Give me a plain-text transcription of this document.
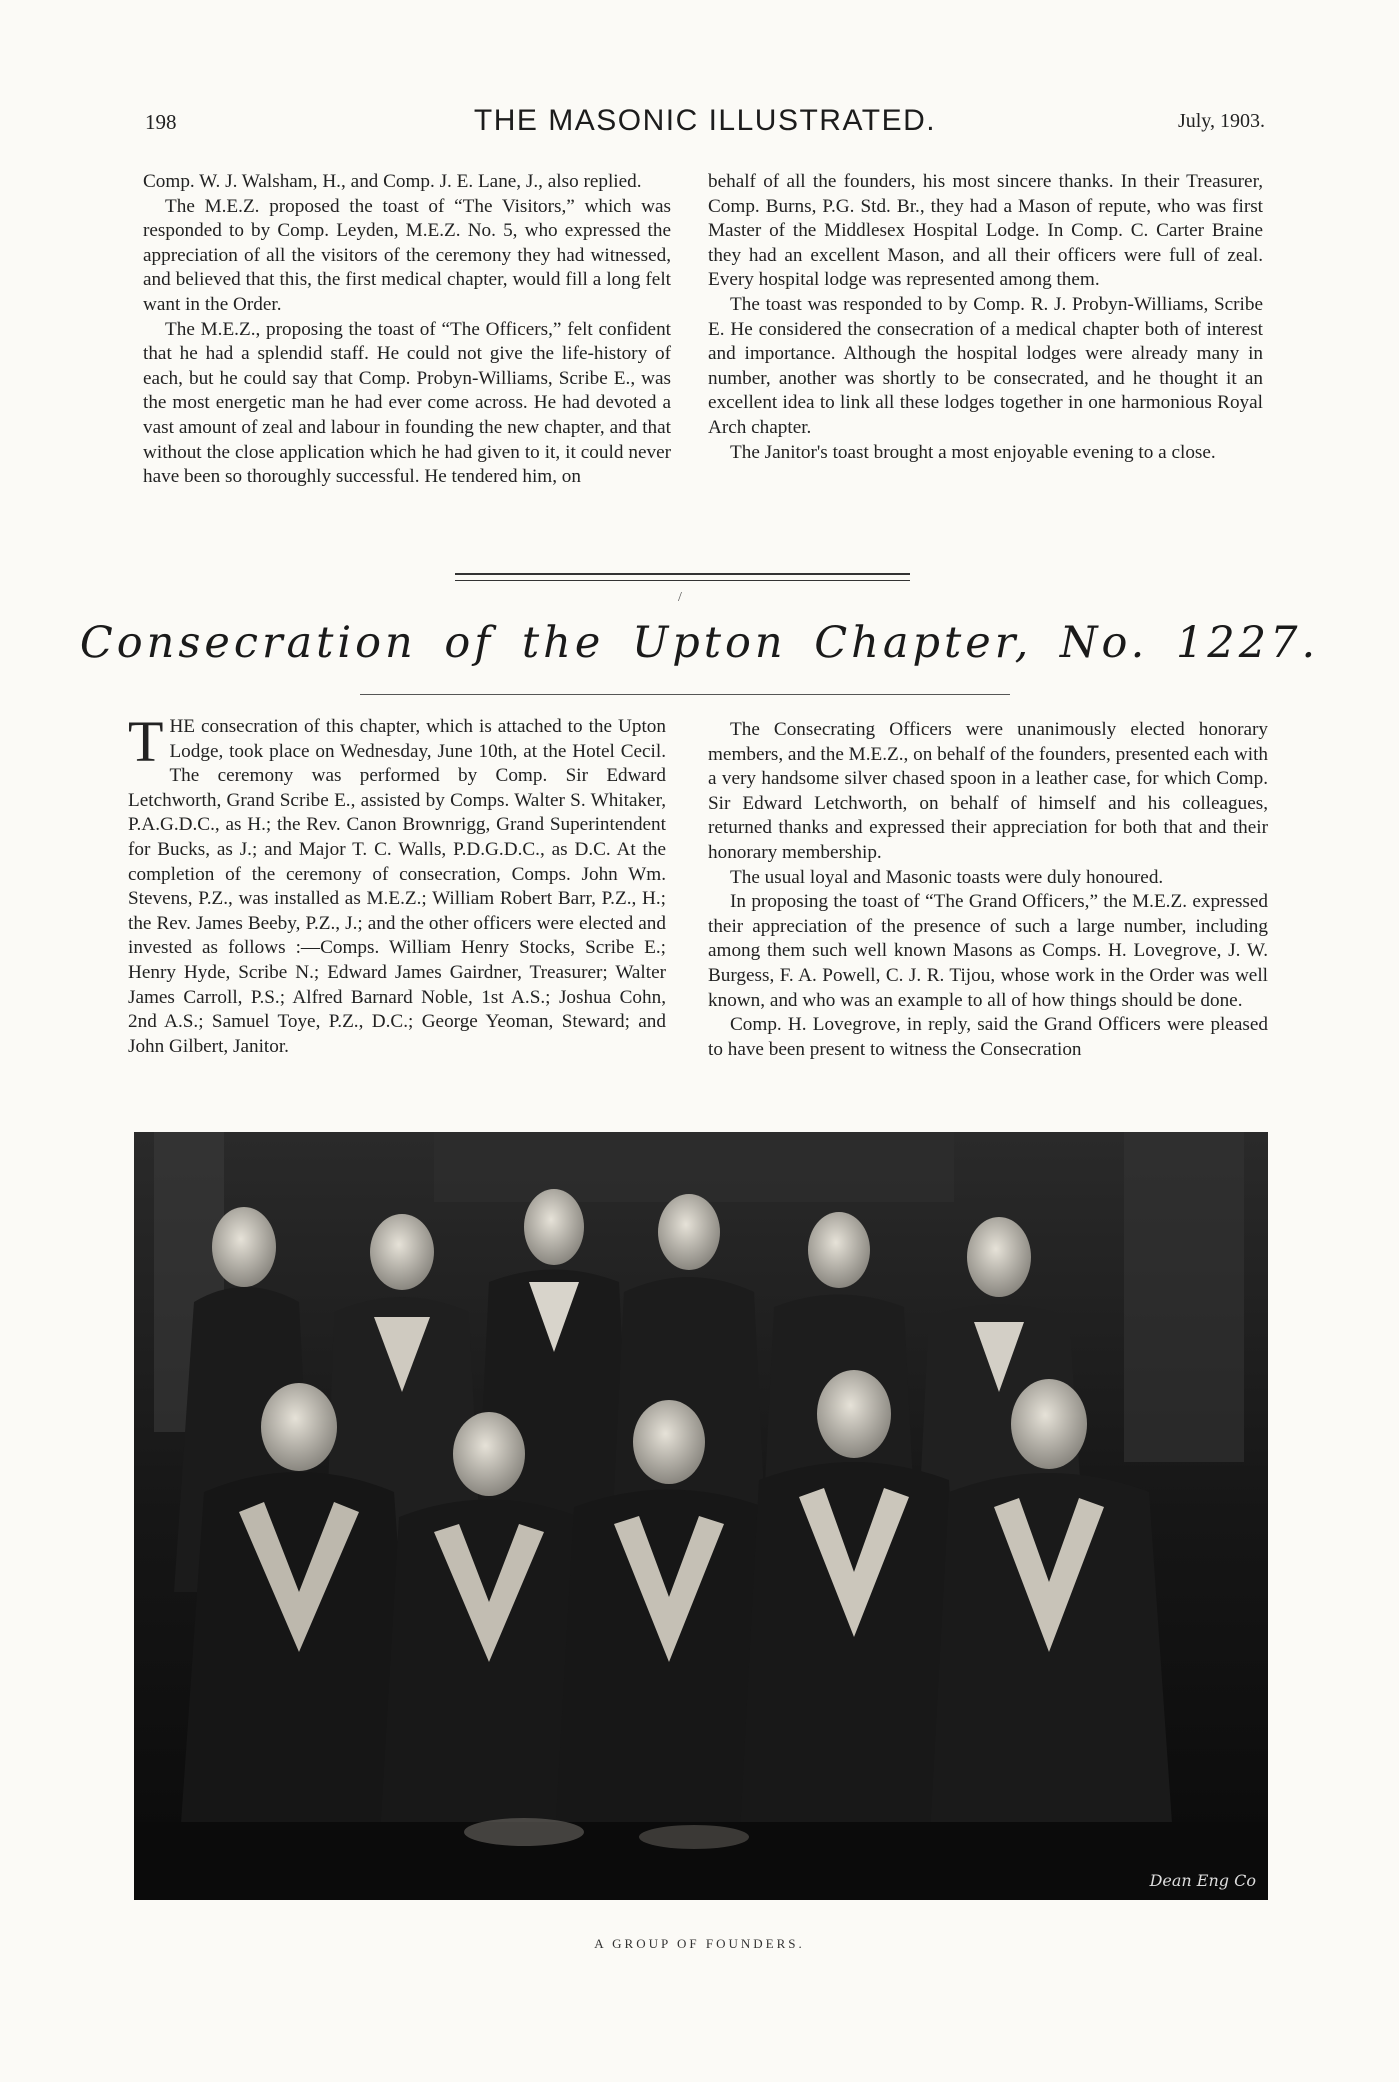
198	THE MASONIC ILLUSTRATED.	July, 1903.

Comp. W. J. Walsham, H., and Comp. J. E. Lane, J., also replied.

The M.E.Z. proposed the toast of “The Visitors,” which was responded to by Comp. Leyden, M.E.Z. No. 5, who expressed the appreciation of all the visitors of the ceremony they had witnessed, and believed that this, the first medical chapter, would fill a long felt want in the Order.

The M.E.Z., proposing the toast of “The Officers,” felt confident that he had a splendid staff. He could not give the life-history of each, but he could say that Comp. Probyn-Williams, Scribe E., was the most energetic man he had ever come across. He had devoted a vast amount of zeal and labour in founding the new chapter, and that without the close application which he had given to it, it could never have been so thoroughly successful. He tendered him, on

behalf of all the founders, his most sincere thanks. In their Treasurer, Comp. Burns, P.G. Std. Br., they had a Mason of repute, who was first Master of the Middlesex Hospital Lodge. In Comp. C. Carter Braine they had an excellent Mason, and all their officers were full of zeal. Every hospital lodge was represented among them.

The toast was responded to by Comp. R. J. Probyn-Williams, Scribe E. He considered the consecration of a medical chapter both of interest and importance. Although the hospital lodges were already many in number, another was shortly to be consecrated, and he thought it an excellent idea to link all these lodges together in one harmonious Royal Arch chapter.

The Janitor's toast brought a most enjoyable evening to a close.

/
Consecration of the Upton Chapter, No. 1227.

THE consecration of this chapter, which is attached to the Upton Lodge, took place on Wednesday, June 10th, at the Hotel Cecil. The ceremony was performed by Comp. Sir Edward Letchworth, Grand Scribe E., assisted by Comps. Walter S. Whitaker, P.A.G.D.C., as H.; the Rev. Canon Brownrigg, Grand Superintendent for Bucks, as J.; and Major T. C. Walls, P.D.G.D.C., as D.C. At the completion of the ceremony of consecration, Comps. John Wm. Stevens, P.Z., was installed as M.E.Z.; William Robert Barr, P.Z., H.; the Rev. James Beeby, P.Z., J.; and the other officers were elected and invested as follows :—Comps. William Henry Stocks, Scribe E.; Henry Hyde, Scribe N.; Edward James Gairdner, Treasurer; Walter James Carroll, P.S.; Alfred Barnard Noble, 1st A.S.; Joshua Cohn, 2nd A.S.; Samuel Toye, P.Z., D.C.; George Yeoman, Steward; and John Gilbert, Janitor.

The Consecrating Officers were unanimously elected honorary members, and the M.E.Z., on behalf of the founders, presented each with a very handsome silver chased spoon in a leather case, for which Comp. Sir Edward Letchworth, on behalf of himself and his colleagues, returned thanks and expressed their appreciation for both that and their honorary membership.

The usual loyal and Masonic toasts were duly honoured.

In proposing the toast of “The Grand Officers,” the M.E.Z. expressed their appreciation of the presence of such a large number, including among them such well known Masons as Comps. H. Lovegrove, J. W. Burgess, F. A. Powell, C. J. R. Tijou, whose work in the Order was well known, and who was an example to all of how things should be done.

Comp. H. Lovegrove, in reply, said the Grand Officers were pleased to have been present to witness the Consecration

Dean Eng Co
A GROUP OF FOUNDERS.
